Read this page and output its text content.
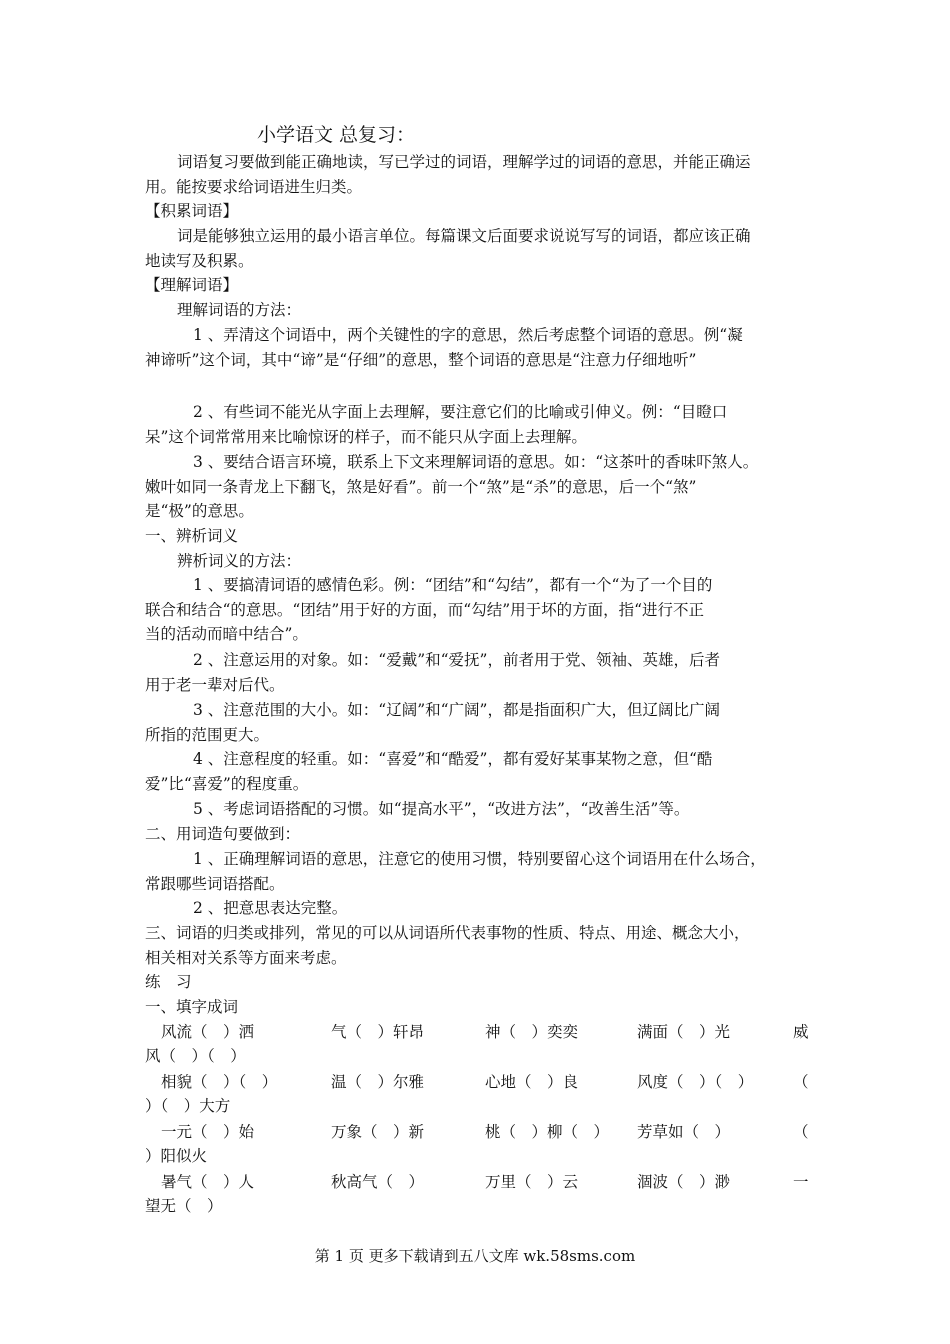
小学语文 总复习：
词语复习要做到能正确地读，写已学过的词语，理解学过的词语的意思，并能正确运
用。能按要求给词语进生归类。
【积累词语】
词是能够独立运用的最小语言单位。每篇课文后面要求说说写写的词语，都应该正确
地读写及积累。
【理解词语】
理解词语的方法：
1 、弄清这个词语中，两个关键性的字的意思，然后考虑整个词语的意思。例“凝
神谛听”这个词，其中“谛”是“仔细”的意思，整个词语的意思是“注意力仔细地听”
2 、有些词不能光从字面上去理解，要注意它们的比喻或引伸义。例：“目瞪口
呆”这个词常常用来比喻惊讶的样子，而不能只从字面上去理解。
3 、要结合语言环境，联系上下文来理解词语的意思。如：“这茶叶的香味吓煞人。
嫩叶如同一条青龙上下翻飞，煞是好看”。前一个“煞”是“杀”的意思，后一个“煞”
是“极”的意思。
一、辨析词义
辨析词义的方法：
1 、要搞清词语的感情色彩。例：“团结”和“勾结”，都有一个“为了一个目的
联合和结合“的意思。“团结”用于好的方面，而“勾结”用于坏的方面，指“进行不正
当的活动而暗中结合”。
2 、注意运用的对象。如：“爱戴”和“爱抚”，前者用于党、领袖、英雄，后者
用于老一辈对后代。
3 、注意范围的大小。如：“辽阔”和“广阔”，都是指面积广大，但辽阔比广阔
所指的范围更大。
4 、注意程度的轻重。如：“喜爱”和“酷爱”，都有爱好某事某物之意，但“酷
爱”比“喜爱”的程度重。
5 、考虑词语搭配的习惯。如“提高水平”，“改进方法”，“改善生活”等。
二、用词造句要做到：
1 、正确理解词语的意思，注意它的使用习惯，特别要留心这个词语用在什么场合，
常跟哪些词语搭配。
2 、把意思表达完整。
三、词语的归类或排列，常见的可以从词语所代表事物的性质、特点、用途、概念大小，
相关相对关系等方面来考虑。
练　习
一、填字成词
风流（　）洒	气（　）轩昂	神（　）奕奕	满面（　）光	威
风（　）（　）
相貌（　）（　）	温（　）尔雅	心地（　）良	风度（　）（　）	（
）（　）大方
一元（　）始	万象（　）新	桃（　）柳（　） 芳草如（　）	（
）阳似火
暑气（　）人	秋高气（　）	万里（　）云	涸波（　）渺	一
望无（　）
第 1 页 更多下载请到五八文库 wk.58sms.com
